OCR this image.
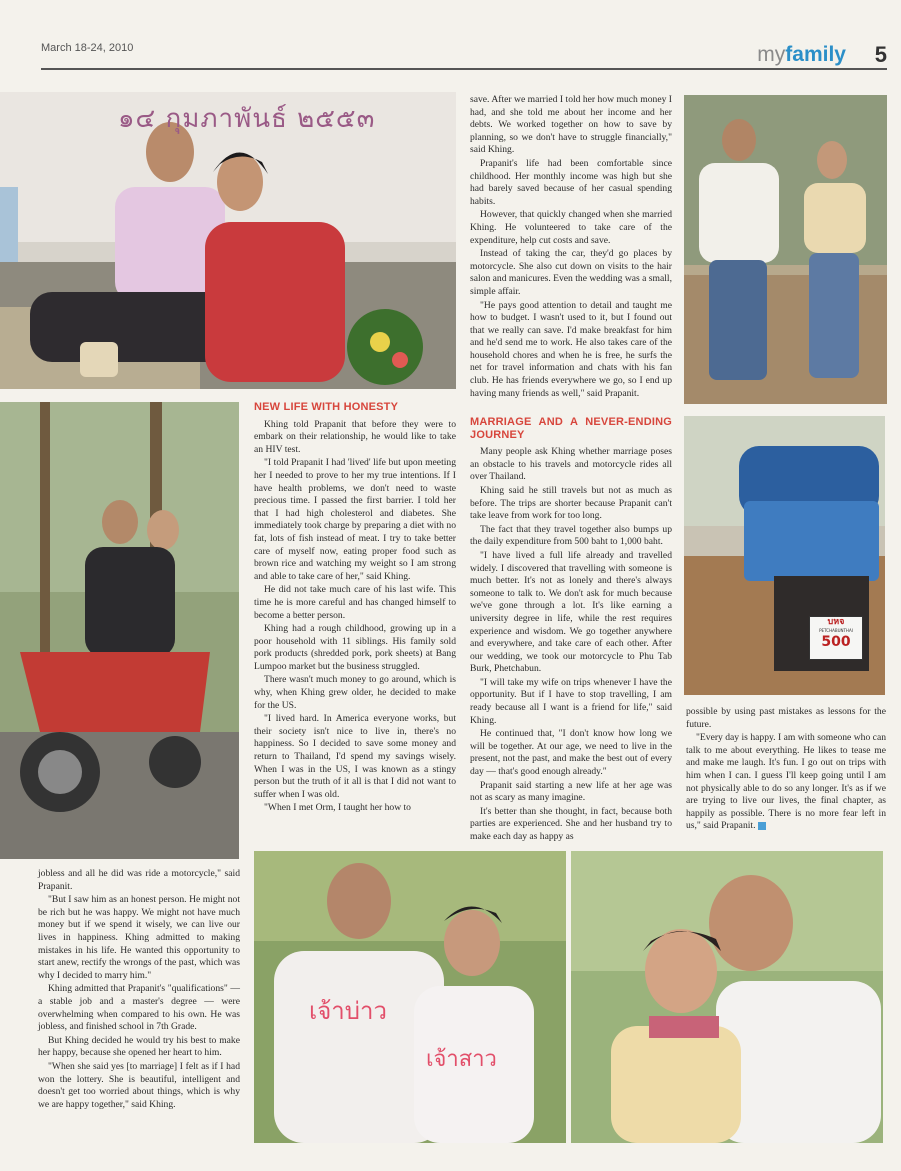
March 18-24, 2010	myfamily 5
๑๔ กุมภาพันธ์ ๒๕๕๓
บหจ
PETCHABUNTHAI
500
เจ้าบ่าว
เจ้าสาว

jobless and all he did was ride a motorcycle," said Prapanit.

"But I saw him as an honest person. He might not be rich but he was happy. We might not have much money but if we spend it wisely, we can live our lives in happiness. Khing admitted to making mistakes in his life. He wanted this opportunity to start anew, rectify the wrongs of the past, which was why I decided to marry him."

Khing admitted that Prapanit's "qualifications" — a stable job and a master's degree — were overwhelming when compared to his own. He was jobless, and finished school in 7th Grade.

But Khing decided he would try his best to make her happy, because she opened her heart to him.

"When she said yes [to marriage] I felt as if I had won the lottery. She is beautiful, intelligent and doesn't get too worried about things, which is why we are happy together," said Khing.

NEW LIFE WITH HONESTY

Khing told Prapanit that before they were to embark on their relationship, he would like to take an HIV test.

"I told Prapanit I had 'lived' life but upon meeting her I needed to prove to her my true intentions. If I have health problems, we don't need to waste precious time. I passed the first barrier. I told her that I had high cholesterol and diabetes. She immediately took charge by preparing a diet with no fat, lots of fish instead of meat. I try to take better care of myself now, eating proper food such as brown rice and watching my weight so I am strong and able to take care of her," said Khing.

He did not take much care of his last wife. This time he is more careful and has changed himself to become a better person.

Khing had a rough childhood, growing up in a poor household with 11 siblings. His family sold pork products (shredded pork, pork sheets) at Bang Lumpoo market but the business struggled.

There wasn't much money to go around, which is why, when Khing grew older, he decided to make for the US.

"I lived hard. In America everyone works, but their society isn't nice to live in, there's no happiness. So I decided to save some money and return to Thailand, I'd spend my savings wisely. When I was in the US, I was known as a stingy person but the truth of it all is that I did not want to suffer when I was old.

"When I met Orm, I taught her how to

save. After we married I told her how much money I had, and she told me about her income and her debts. We worked together on how to save by planning, so we don't have to struggle financially," said Khing.

Prapanit's life had been comfortable since childhood. Her monthly income was high but she had barely saved because of her casual spending habits.

However, that quickly changed when she married Khing. He volunteered to take care of the expenditure, help cut costs and save.

Instead of taking the car, they'd go places by motorcycle. She also cut down on visits to the hair salon and manicures. Even the wedding was a small, simple affair.

"He pays good attention to detail and taught me how to budget. I wasn't used to it, but I found out that we really can save. I'd make breakfast for him and he'd send me to work. He also takes care of the household chores and when he is free, he surfs the net for travel information and chats with his fan club. He has friends everywhere we go, so I end up having many friends as well," said Prapanit.

MARRIAGE AND A NEVER-ENDING JOURNEY

Many people ask Khing whether marriage poses an obstacle to his travels and motorcycle rides all over Thailand.

Khing said he still travels but not as much as before. The trips are shorter because Prapanit can't take leave from work for too long.

The fact that they travel together also bumps up the daily expenditure from 500 baht to 1,000 baht.

"I have lived a full life already and travelled widely. I discovered that travelling with someone is much better. It's not as lonely and there's always someone to talk to. We don't ask for much because we've gone through a lot. It's like earning a university degree in life, while the rest requires experience and wisdom. We go together anywhere and everywhere, and take care of each other. After our wedding, we took our motorcycle to Phu Tab Burk, Phetchabun.

"I will take my wife on trips whenever I have the opportunity. But if I have to stop travelling, I am ready because all I want is a friend for life," said Khing.

He continued that, "I don't know how long we will be together. At our age, we need to live in the present, not the past, and make the best out of every day — that's good enough already."

Prapanit said starting a new life at her age was not as scary as many imagine.

It's better than she thought, in fact, because both parties are experienced. She and her husband try to make each day as happy as

possible by using past mistakes as lessons for the future.

"Every day is happy. I am with someone who can talk to me about everything. He likes to tease me and make me laugh. It's fun. I go out on trips with him when I can. I guess I'll keep going until I am not physically able to do so any longer. It's as if we are trying to live our lives, the final chapter, as happily as possible. There is no more fear left in us," said Prapanit.
